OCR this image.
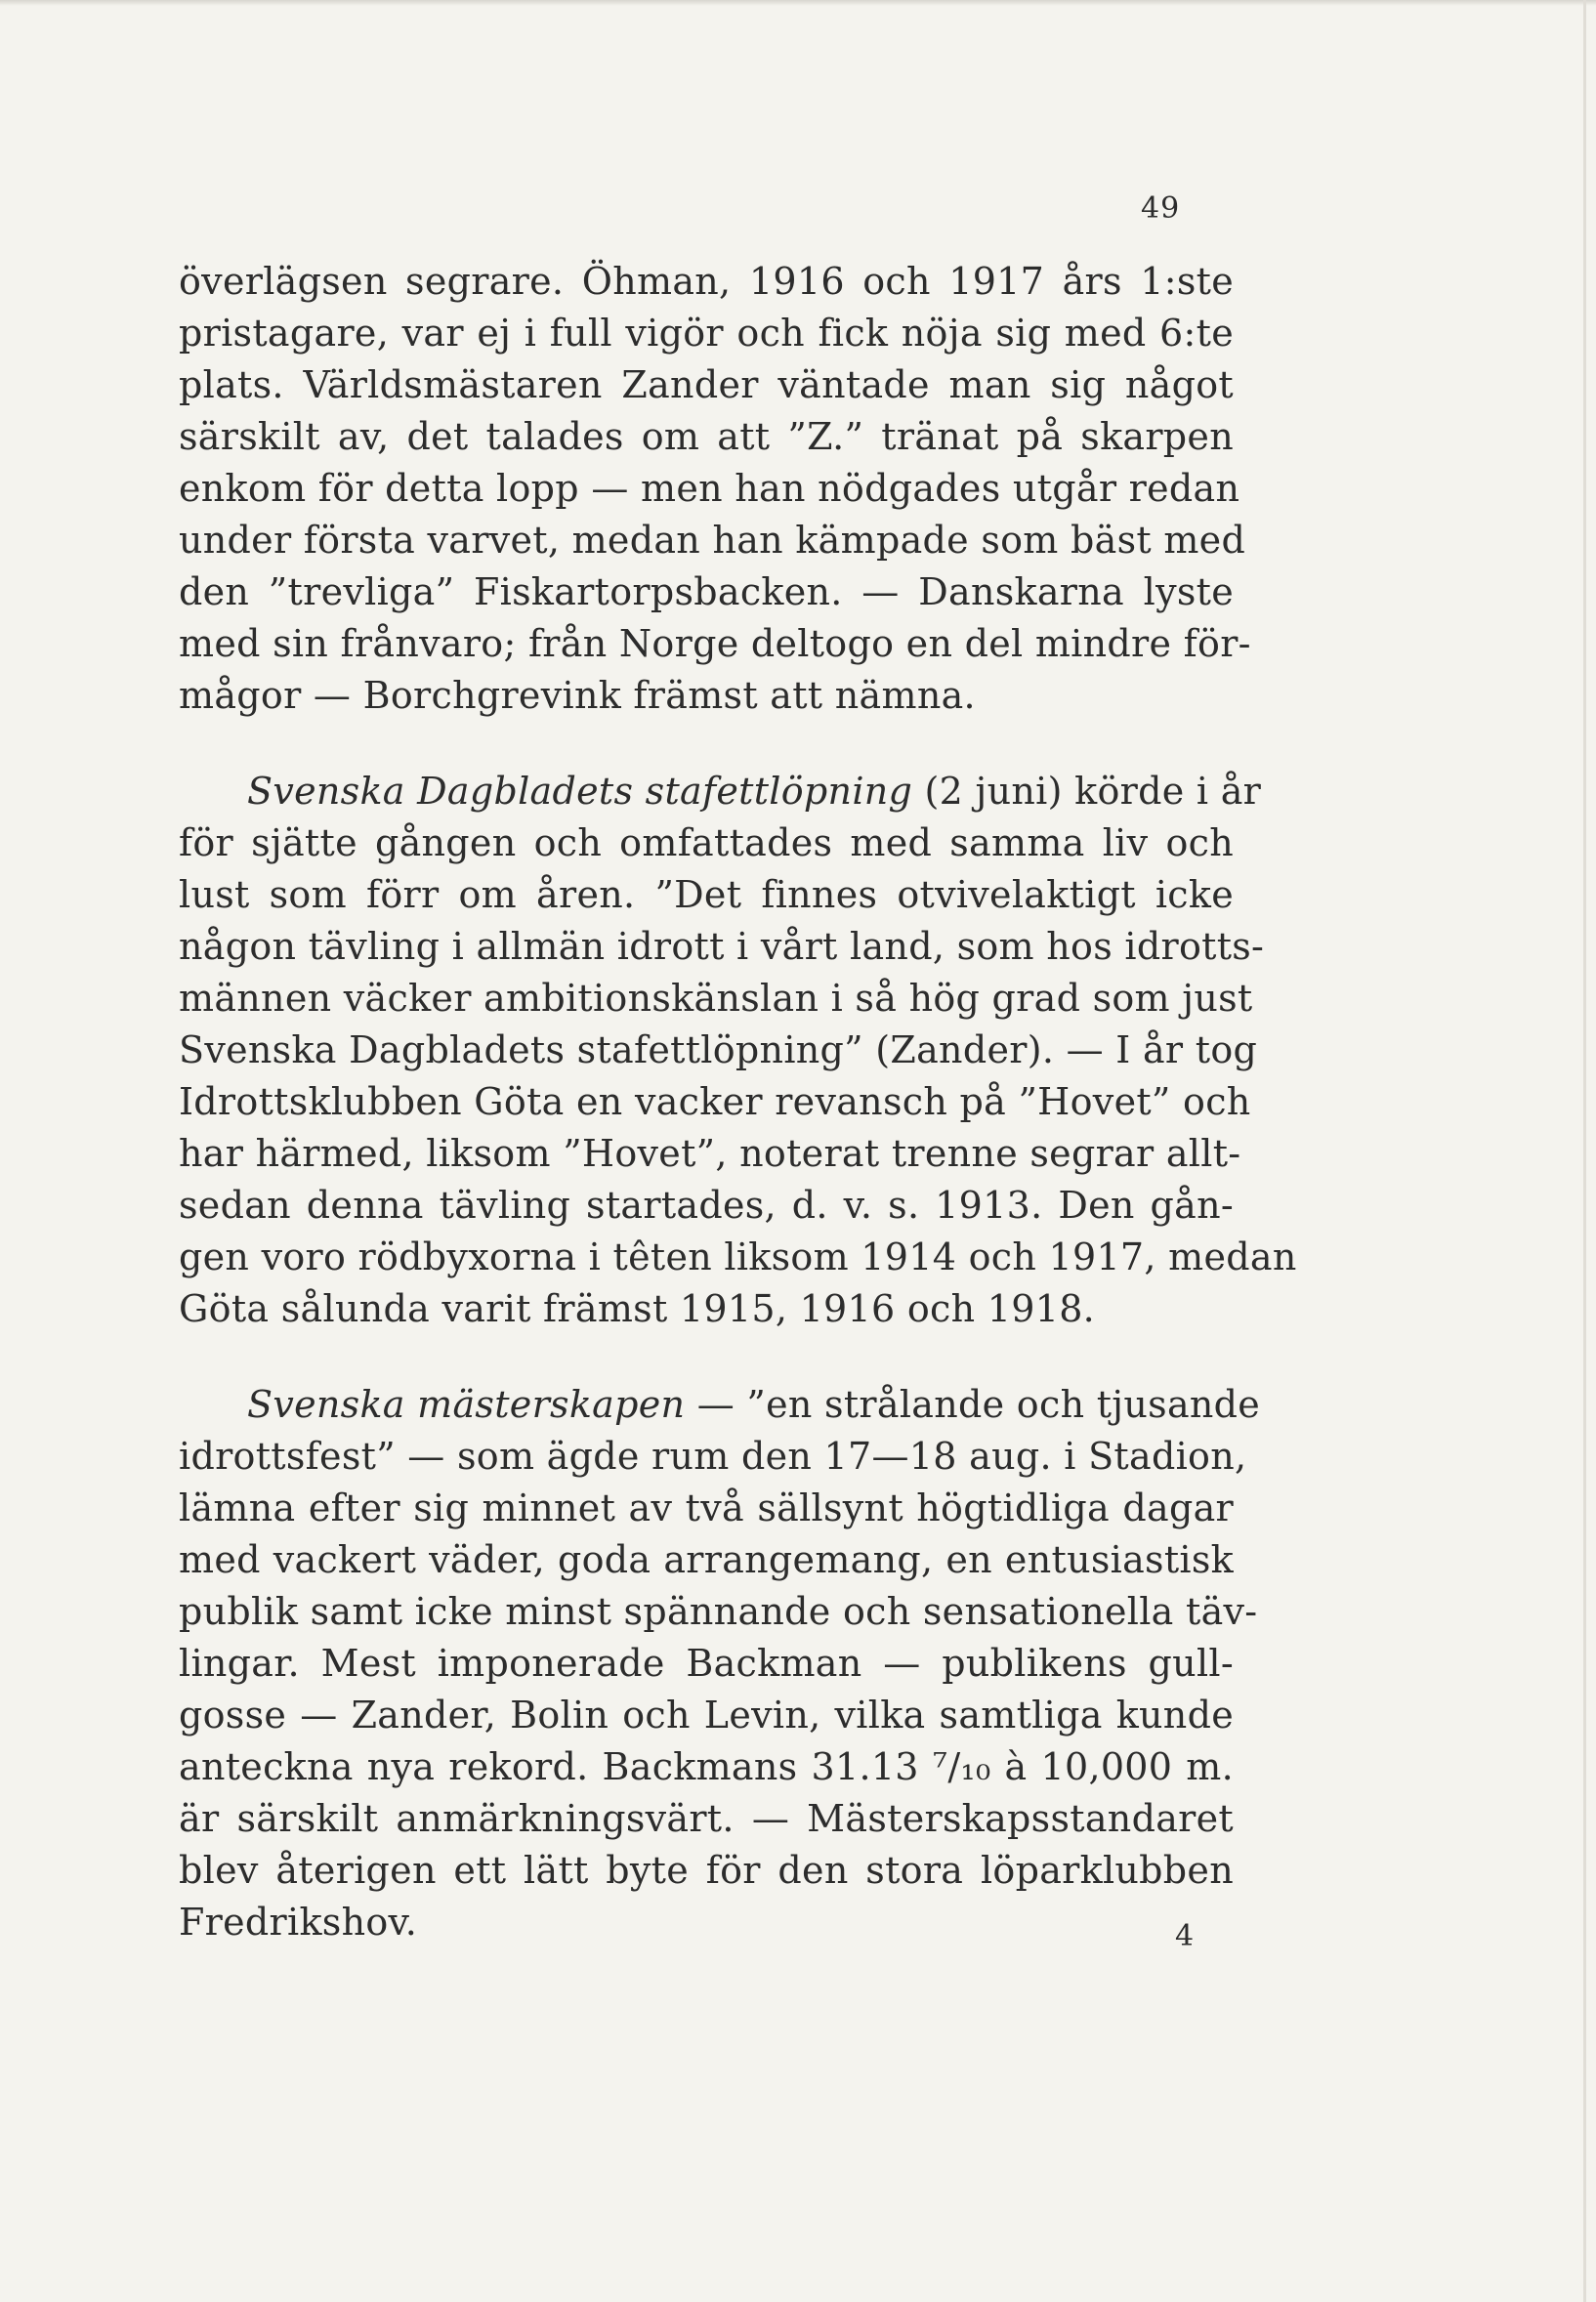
49
överlägsen segrare. Öhman, 1916 och 1917 års 1:ste
pristagare, var ej i full vigör och fick nöja sig med 6:te
plats. Världsmästaren Zander väntade man sig något
särskilt av, det talades om att ”Z.” tränat på skarpen
enkom för detta lopp — men han nödgades utgår redan
under första varvet, medan han kämpade som bäst med
den ”trevliga” Fiskartorpsbacken. — Danskarna lyste
med sin frånvaro; från Norge deltogo en del mindre för-
mågor — Borchgrevink främst att nämna.
Svenska Dagbladets stafettlöpning (2 juni) körde i år
för sjätte gången och omfattades med samma liv och
lust som förr om åren. ”Det finnes otvivelaktigt icke
någon tävling i allmän idrott i vårt land, som hos idrotts-
männen väcker ambitionskänslan i så hög grad som just
Svenska Dagbladets stafettlöpning” (Zander). — I år tog
Idrottsklubben Göta en vacker revansch på ”Hovet” och
har härmed, liksom ”Hovet”, noterat trenne segrar allt-
sedan denna tävling startades, d. v. s. 1913. Den gån-
gen voro rödbyxorna i têten liksom 1914 och 1917, medan
Göta sålunda varit främst 1915, 1916 och 1918.
Svenska mästerskapen — ”en strålande och tjusande
idrottsfest” — som ägde rum den 17—18 aug. i Stadion,
lämna efter sig minnet av två sällsynt högtidliga dagar
med vackert väder, goda arrangemang, en entusiastisk
publik samt icke minst spännande och sensationella täv-
lingar. Mest imponerade Backman — publikens gull-
gosse — Zander, Bolin och Levin, vilka samtliga kunde
anteckna nya rekord. Backmans 31.13 ⁷/₁₀ à 10,000 m.
är särskilt anmärkningsvärt. — Mästerskapsstandaret
blev återigen ett lätt byte för den stora löparklubben
Fredrikshov.	4
